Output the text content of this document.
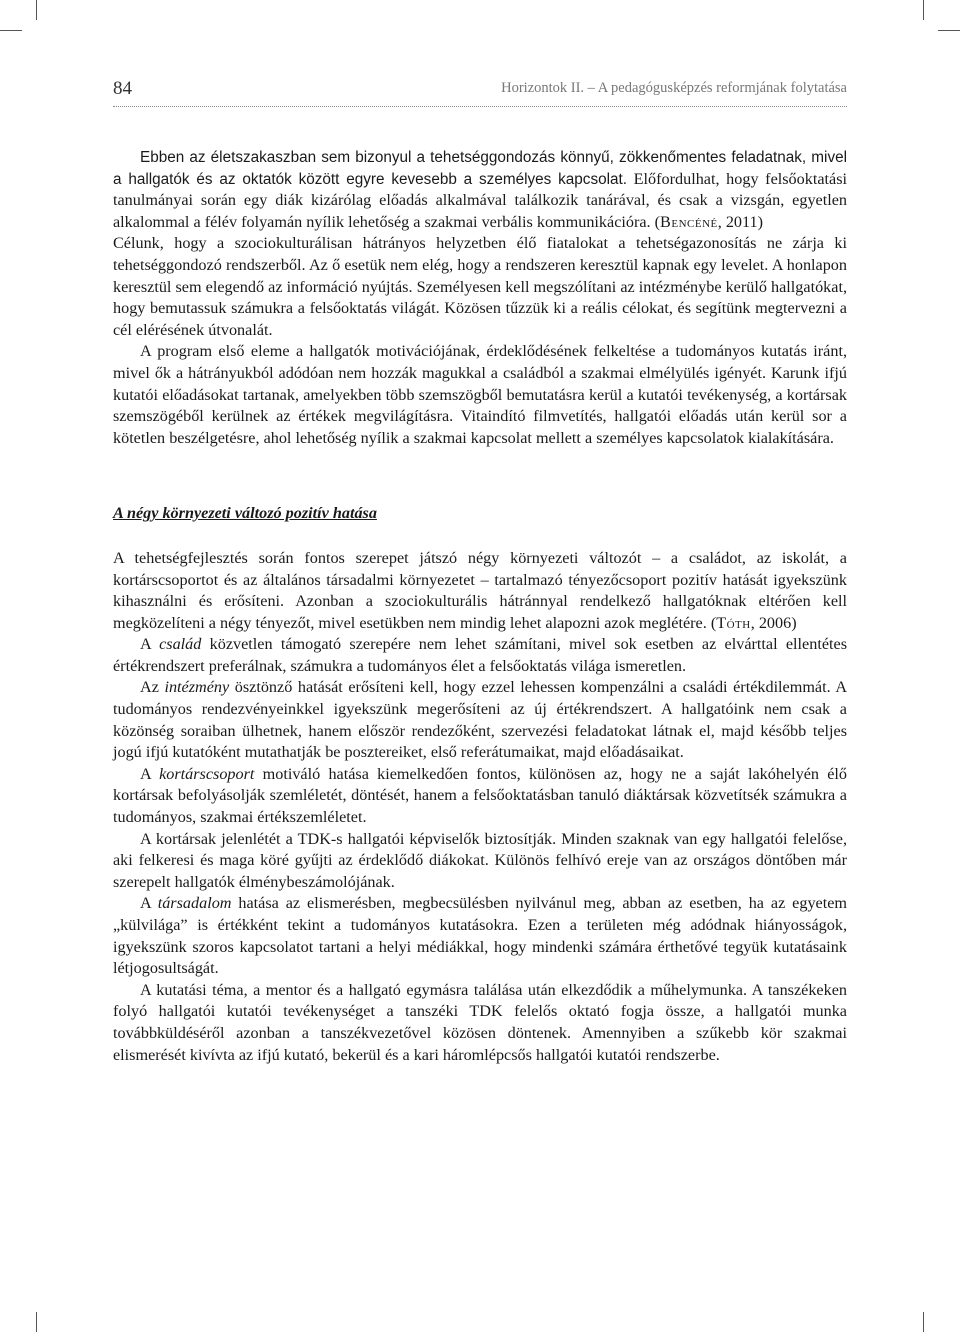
84	Horizontok II. – A pedagógusképzés reformjának folytatása

Ebben az életszakaszban sem bizonyul a tehetséggondozás könnyű, zökkenőmentes feladatnak, mivel a hallgatók és az oktatók között egyre kevesebb a személyes kapcsolat. Előfordulhat, hogy felsőoktatási tanulmányai során egy diák kizárólag előadás alkalmával találkozik tanárával, és csak a vizsgán, egyetlen alkalommal a félév folyamán nyílik lehetőség a szakmai verbális kommunikációra. (Bencéné, 2011)

Célunk, hogy a szociokulturálisan hátrányos helyzetben élő fiatalokat a tehetségazonosítás ne zárja ki tehetséggondozó rendszerből. Az ő esetük nem elég, hogy a rendszeren keresztül kapnak egy levelet. A honlapon keresztül sem elegendő az információ nyújtás. Személyesen kell megszólítani az intézménybe kerülő hallgatókat, hogy bemutassuk számukra a felsőoktatás világát. Közösen tűzzük ki a reális célokat, és segítünk megtervezni a cél elérésének útvonalát.

A program első eleme a hallgatók motivációjának, érdeklődésének felkeltése a tudományos kutatás iránt, mivel ők a hátrányukból adódóan nem hozzák magukkal a családból a szakmai elmélyülés igényét. Karunk ifjú kutatói előadásokat tartanak, amelyekben több szemszögből bemutatásra kerül a kutatói tevékenység, a kortársak szemszögéből kerülnek az értékek megvilágításra. Vitaindító filmvetítés, hallgatói előadás után kerül sor a kötetlen beszélgetésre, ahol lehetőség nyílik a szakmai kapcsolat mellett a személyes kapcsolatok kialakítására.

A négy környezeti változó pozitív hatása

A tehetségfejlesztés során fontos szerepet játszó négy környezeti változót – a családot, az iskolát, a kortárscsoportot és az általános társadalmi környezetet – tartalmazó tényezőcsoport pozitív hatását igyekszünk kihasználni és erősíteni. Azonban a szociokulturális hátránnyal rendelkező hallgatóknak eltérően kell megközelíteni a négy tényezőt, mivel esetükben nem mindig lehet alapozni azok meglétére. (Tóth, 2006)

A család közvetlen támogató szerepére nem lehet számítani, mivel sok esetben az elvárttal ellentétes értékrendszert preferálnak, számukra a tudományos élet a felsőoktatás világa ismeretlen.

Az intézmény ösztönző hatását erősíteni kell, hogy ezzel lehessen kompenzálni a családi értékdilemmát. A tudományos rendezvényeinkkel igyekszünk megerősíteni az új értékrendszert. A hallgatóink nem csak a közönség soraiban ülhetnek, hanem először rendezőként, szervezési feladatokat látnak el, majd később teljes jogú ifjú kutatóként mutathatják be posztereiket, első referátumaikat, majd előadásaikat.

A kortárscsoport motiváló hatása kiemelkedően fontos, különösen az, hogy ne a saját lakóhelyén élő kortársak befolyásolják szemléletét, döntését, hanem a felsőoktatásban tanuló diáktársak közvetítsék számukra a tudományos, szakmai értékszemléletet.

A kortársak jelenlétét a TDK-s hallgatói képviselők biztosítják. Minden szaknak van egy hallgatói felelőse, aki felkeresi és maga köré gyűjti az érdeklődő diákokat. Különös felhívó ereje van az országos döntőben már szerepelt hallgatók élménybeszámolójának.

A társadalom hatása az elismerésben, megbecsülésben nyilvánul meg, abban az esetben, ha az egyetem „külvilága” is értékként tekint a tudományos kutatásokra. Ezen a területen még adódnak hiányosságok, igyekszünk szoros kapcsolatot tartani a helyi médiákkal, hogy mindenki számára érthetővé tegyük kutatásaink létjogosultságát.

A kutatási téma, a mentor és a hallgató egymásra találása után elkezdődik a műhelymunka. A tanszékeken folyó hallgatói kutatói tevékenységet a tanszéki TDK felelős oktató fogja össze, a hallgatói munka továbbküldéséről azonban a tanszékvezetővel közösen döntenek. Amennyiben a szűkebb kör szakmai elismerését kivívta az ifjú kutató, bekerül és a kari háromlépcsős hallgatói kutatói rendszerbe.
